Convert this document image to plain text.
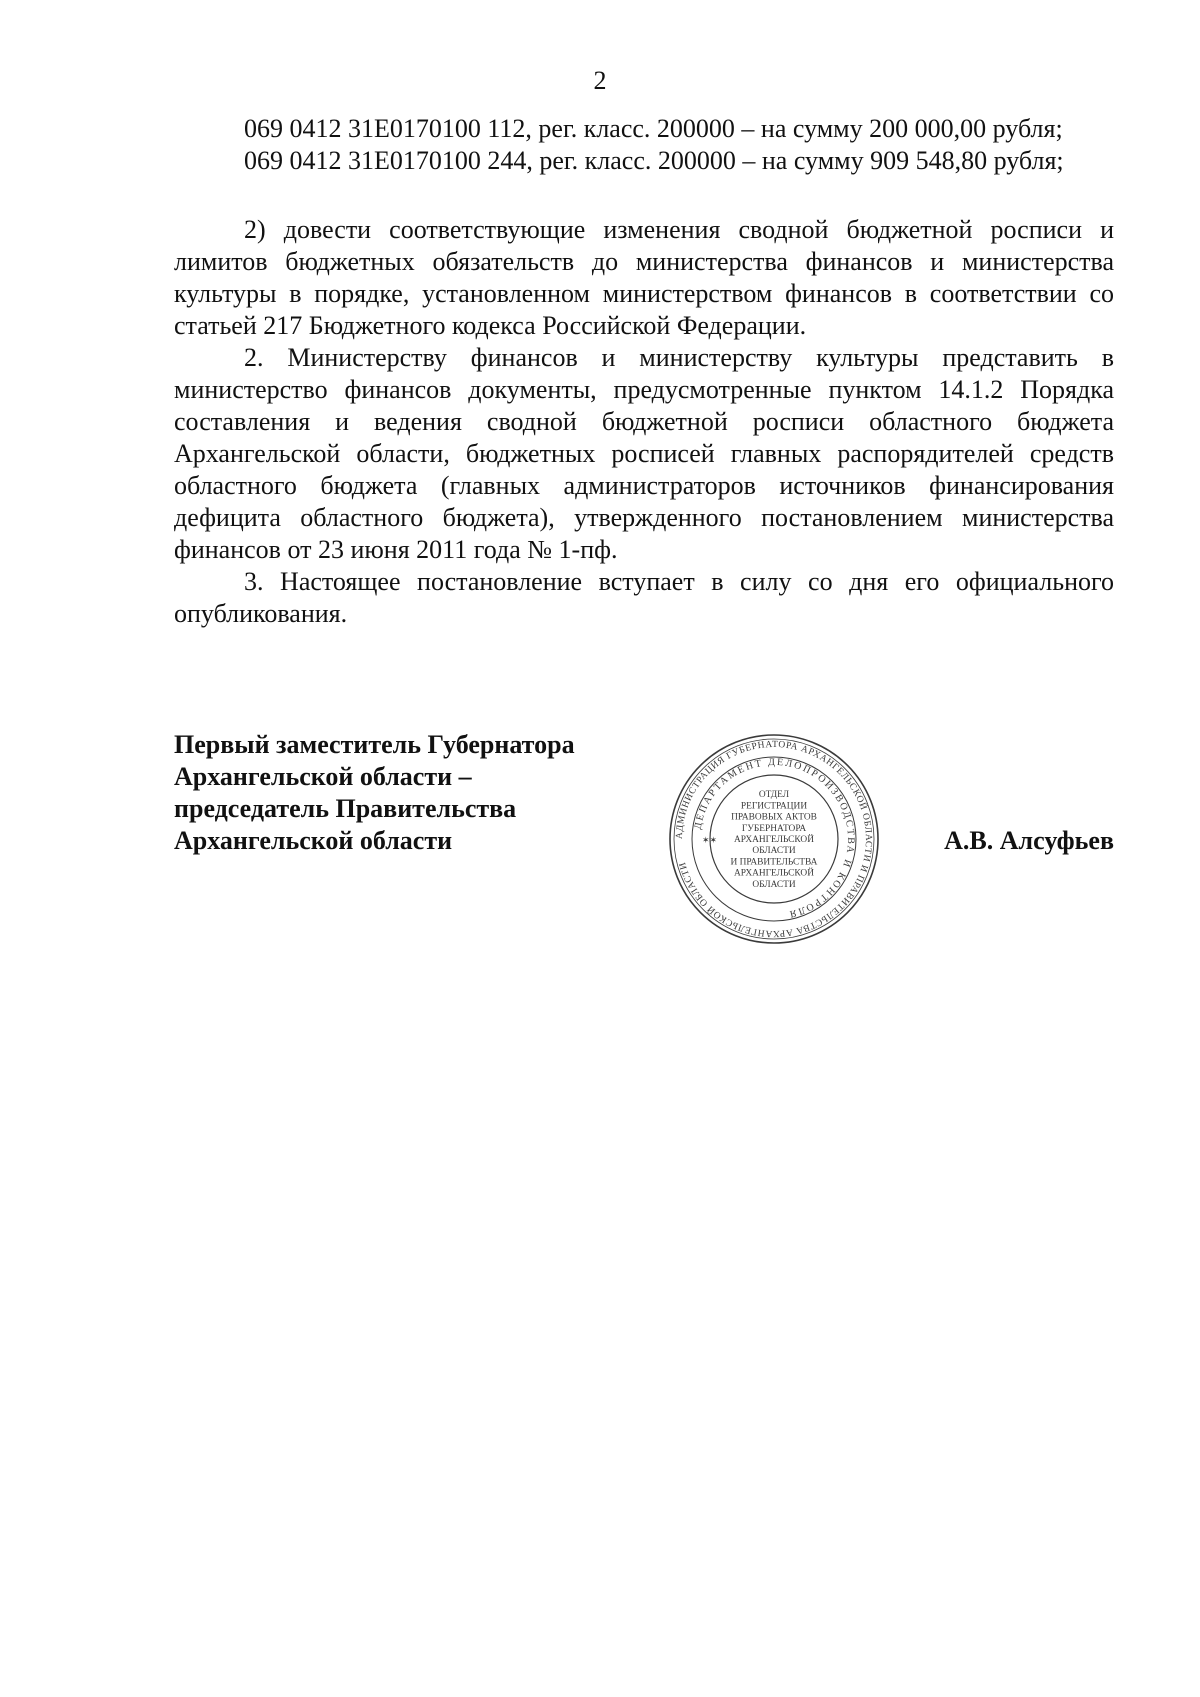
2
069 0412 31Е0170100 112, рег. класс. 200000 – на сумму 200 000,00 рубля;
069 0412 31Е0170100 244, рег. класс. 200000 – на сумму 909 548,80 рубля;

2) довести соответствующие изменения сводной бюджетной росписи и лимитов бюджетных обязательств до министерства финансов и министерства культуры в порядке, установленном министерством финансов в соответствии со статьей 217 Бюджетного кодекса Российской Федерации.

2. Министерству финансов и министерству культуры представить в министерство финансов документы, предусмотренные пунктом 14.1.2 Порядка составления и ведения сводной бюджетной росписи областного бюджета Архангельской области, бюджетных росписей главных распорядителей средств областного бюджета (главных администраторов источников финансирования дефицита областного бюджета), утвержденного постановлением министерства финансов от 23 июня 2011 года № 1-пф.

3. Настоящее постановление вступает в силу со дня его официального опубликования.

Первый заместитель Губернатора
Архангельской области –
председатель Правительства
Архангельской области	АДМИНИСТРАЦИЯ ГУБЕРНАТОРА АРХАНГЕЛЬСКОЙ ОБЛАСТИ И ПРАВИТЕЛЬСТВА АРХАНГЕЛЬСКОЙ ОБЛАСТИ
ДЕПАРТАМЕНТ ДЕЛОПРОИЗВОДСТВА И КОНТРОЛЯ
ОТДЕЛ
РЕГИСТРАЦИИ
ПРАВОВЫХ АКТОВ
ГУБЕРНАТОРА
АРХАНГЕЛЬСКОЙ
ОБЛАСТИ
И ПРАВИТЕЛЬСТВА
АРХАНГЕЛЬСКОЙ
ОБЛАСТИ
✶✶	А.В. Алсуфьев
